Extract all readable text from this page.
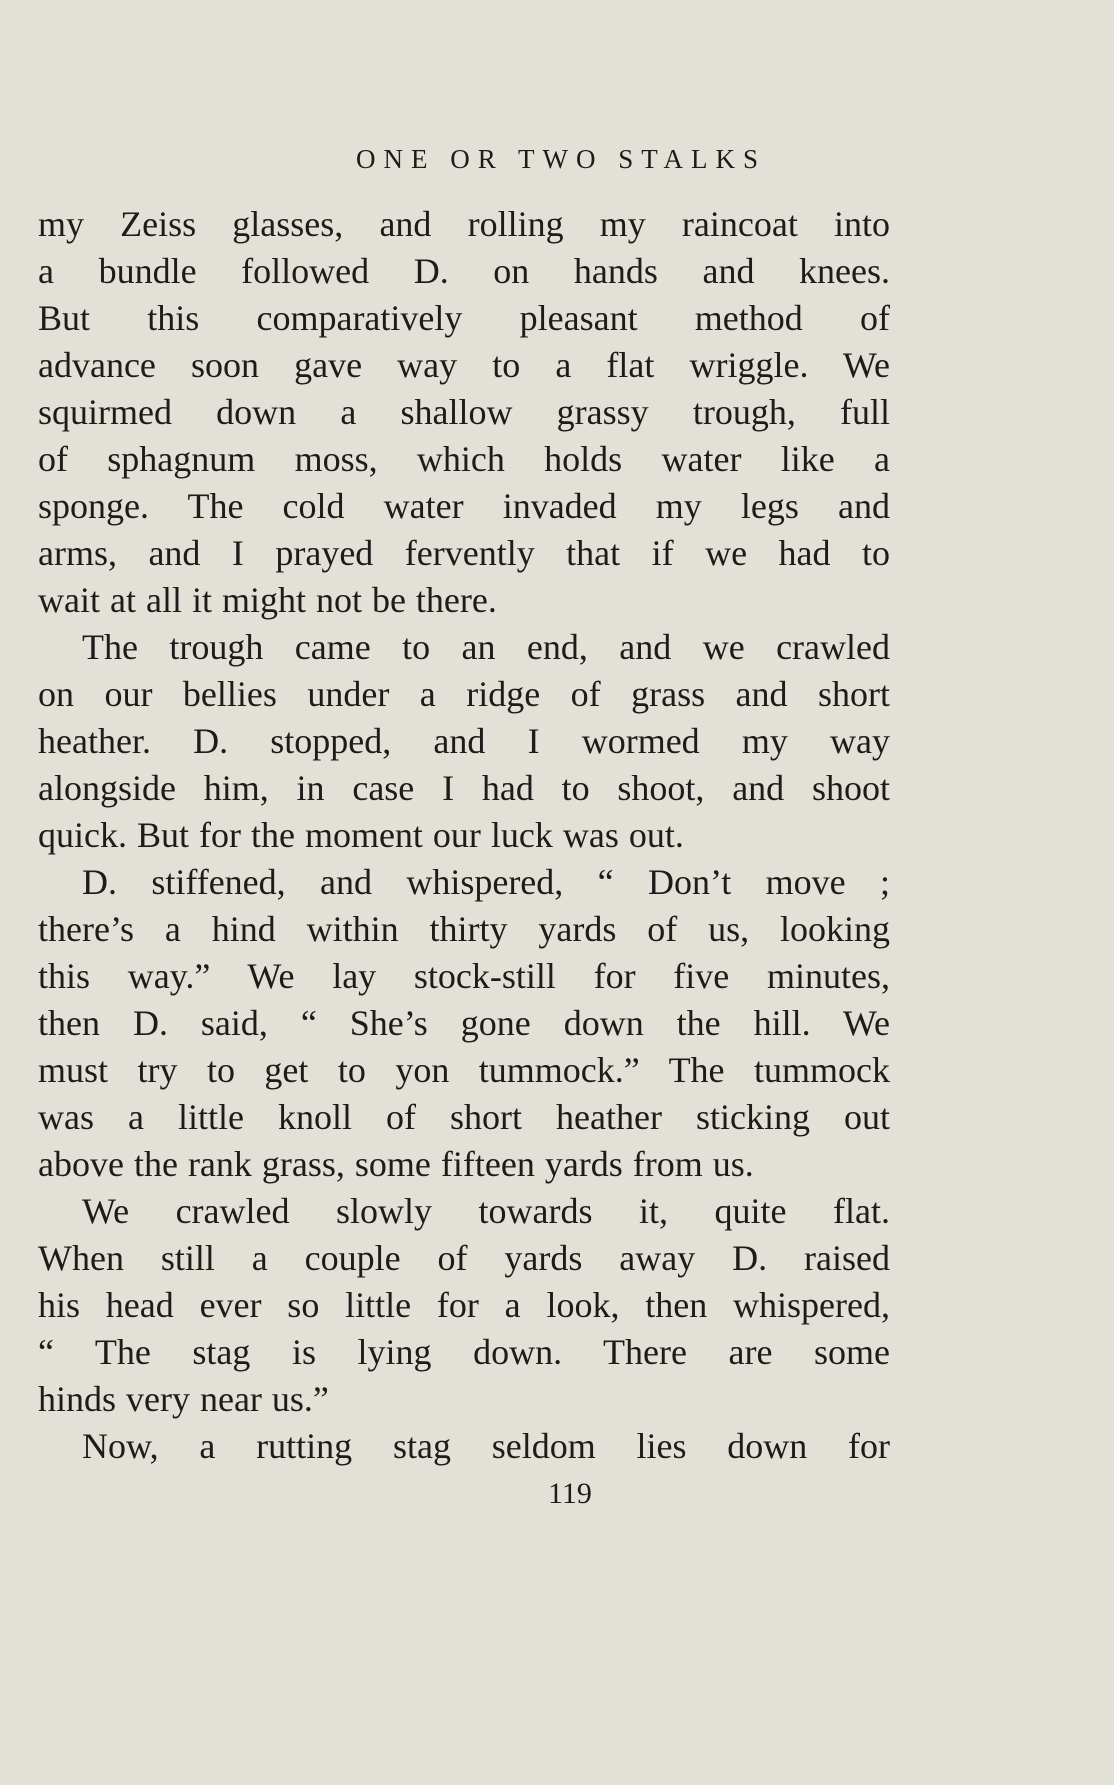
ONE OR TWO STALKS
my Zeiss glasses, and rolling my raincoat into
a bundle followed D. on hands and knees.
But this comparatively pleasant method of
advance soon gave way to a flat wriggle. We
squirmed down a shallow grassy trough, full
of sphagnum moss, which holds water like a
sponge. The cold water invaded my legs and
arms, and I prayed fervently that if we had to
wait at all it might not be there.
The trough came to an end, and we crawled
on our bellies under a ridge of grass and short
heather. D. stopped, and I wormed my way
alongside him, in case I had to shoot, and shoot
quick. But for the moment our luck was out.
D. stiffened, and whispered, “ Don’t move ;
there’s a hind within thirty yards of us, looking
this way.” We lay stock-still for five minutes,
then D. said, “ She’s gone down the hill. We
must try to get to yon tummock.” The tummock
was a little knoll of short heather sticking out
above the rank grass, some fifteen yards from us.
We crawled slowly towards it, quite flat.
When still a couple of yards away D. raised
his head ever so little for a look, then whispered,
“ The stag is lying down. There are some
hinds very near us.”
Now, a rutting stag seldom lies down for
119
